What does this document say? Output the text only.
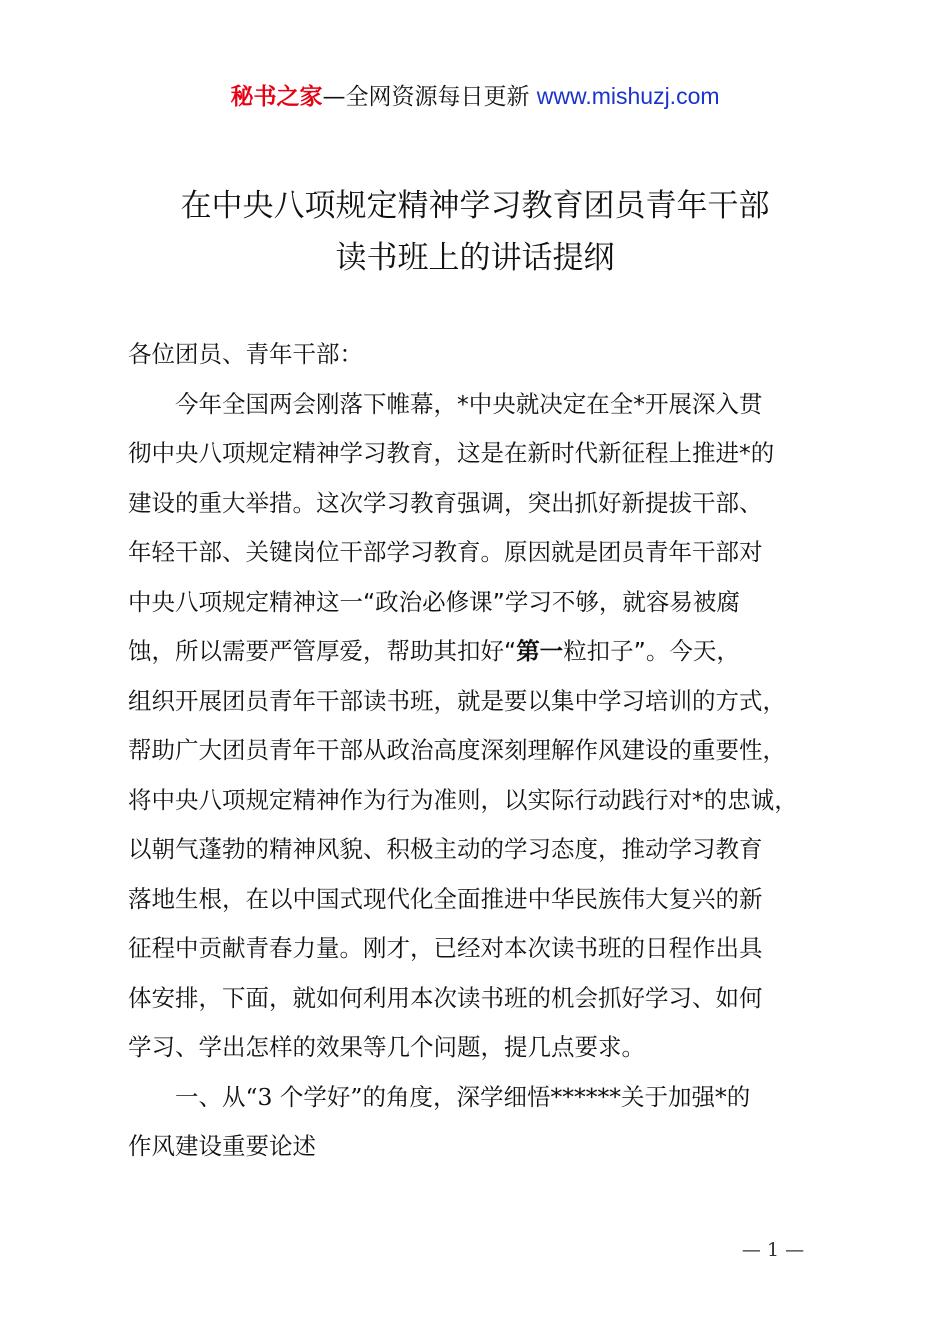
秘书之家—全网资源每日更新 www.mishuzj.com
在中央八项规定精神学习教育团员青年干部
读书班上的讲话提纲
各位团员、青年干部：
今年全国两会刚落下帷幕，*中央就决定在全*开展深入贯
彻中央八项规定精神学习教育，这是在新时代新征程上推进*的
建设的重大举措。这次学习教育强调，突出抓好新提拔干部、
年轻干部、关键岗位干部学习教育。原因就是团员青年干部对
中央八项规定精神这一“政治必修课”学习不够，就容易被腐
蚀，所以需要严管厚爱，帮助其扣好“第一粒扣子”。今天，
组织开展团员青年干部读书班，就是要以集中学习培训的方式，
帮助广大团员青年干部从政治高度深刻理解作风建设的重要性，
将中央八项规定精神作为行为准则，以实际行动践行对*的忠诚，
以朝气蓬勃的精神风貌、积极主动的学习态度，推动学习教育
落地生根，在以中国式现代化全面推进中华民族伟大复兴的新
征程中贡献青春力量。刚才，已经对本次读书班的日程作出具
体安排，下面，就如何利用本次读书班的机会抓好学习、如何
学习、学出怎样的效果等几个问题，提几点要求。
一、从“3 个学好”的角度，深学细悟******关于加强*的
作风建设重要论述
— 1 —
